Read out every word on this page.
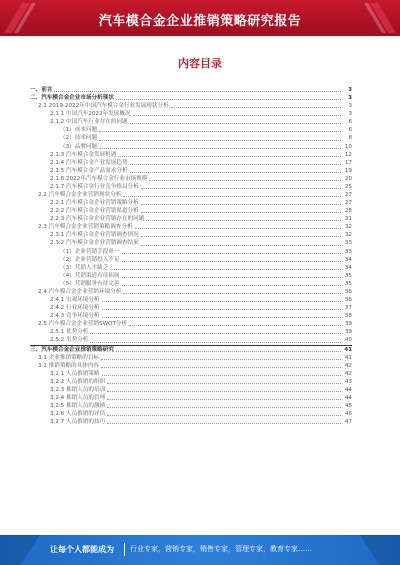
汽车模合金企业推销策略研究报告
内容目录
一、前言	3
二、汽车模合金企业市场分析现状	3
2.1 2019-2022年中国汽车模合金行业发展现状分析	3
2.1.1 中国汽车2022年发展概况	3
2.1.2 中国汽车行业存在的问题	6
（1）成本问题	6
（2）技术问题	8
（3）品牌问题	10
2.1.3 汽车模合金发展机遇	12
2.1.4 汽车模合金产业发展趋势	17
2.1.5 汽车模合金产品需求分析	19
2.1.6 2022年汽车模合金行业市场规模	20
2.1.7 汽车模合金行业竞争格局分析	25
2.2 汽车模合金企业营销现状分析	27
2.2.1 汽车模合金企业营销策略分析	27
2.2.2 汽车模合金企业营销渠道分析	28
2.2.3 汽车模合金企业营销存在的问题	31
2.3 汽车模合金企业营销策略调查分析	32
2.3.1 汽车模合金企业营销调查情况	32
2.3.2 汽车模合金企业营销调查结果	33
（1）企业营销手段单一	33
（2）企业营销投入不足	34
（3）营销人才缺乏	34
（4）营销渠道有待拓展	35
（5）营销服务有待完善	35
2.4 汽车模合金企业营销环境分析	36
2.4.1 宏观环境分析	36
2.4.2 行业环境分析	37
2.4.3 竞争环境分析	38
2.5 汽车模合金企业营销SWOT分析	39
2.5.1 优势分析	39
2.5.2 劣势分析	40
三、汽车模合金企业推销策略研究	41
3.1 企业推销策略的目标	41
3.2 推销策略的具体内容	42
3.2.1 人员推销策略	42
3.2.2 人员推销的组织	43
3.2.3 推销人员的培训	44
3.2.4 推销人员的管理	44
3.2.5 推销人员的激励	45
3.2.6 人员推销的评估	46
3.2.7 人员推销的技巧	47
让每个人都能成为 行业专家，营销专家，销售专家，管理专家，教育专家……
